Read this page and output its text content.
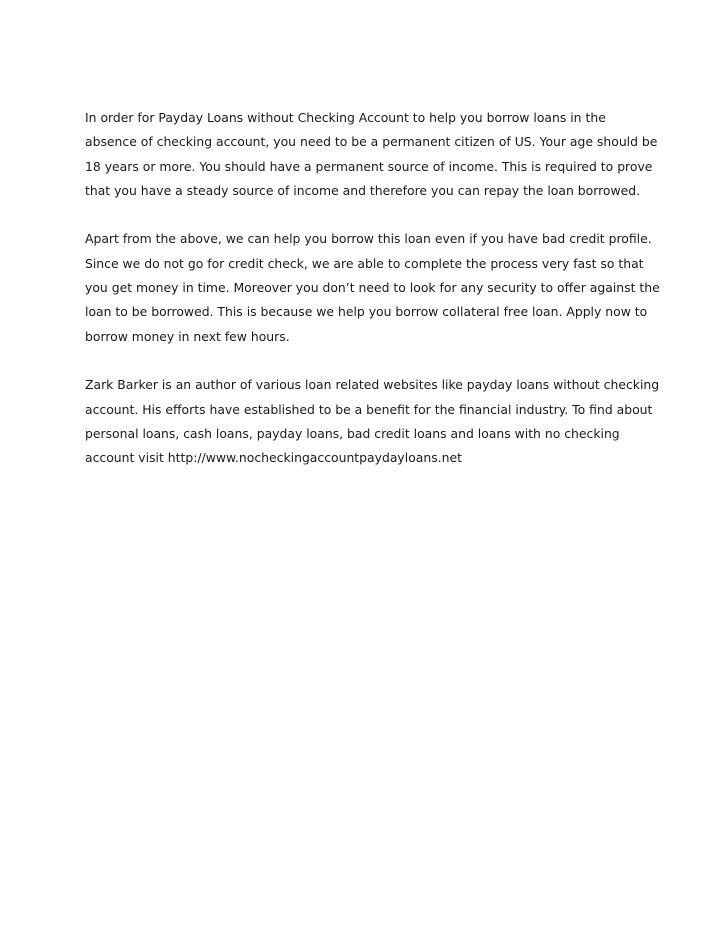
In order for Payday Loans without Checking Account to help you borrow loans in the
absence of checking account, you need to be a permanent citizen of US. Your age should be
18 years or more. You should have a permanent source of income. This is required to prove
that you have a steady source of income and therefore you can repay the loan borrowed.

Apart from the above, we can help you borrow this loan even if you have bad credit profile.
Since we do not go for credit check, we are able to complete the process very fast so that
you get money in time. Moreover you don’t need to look for any security to offer against the
loan to be borrowed. This is because we help you borrow collateral free loan. Apply now to
borrow money in next few hours.

Zark Barker is an author of various loan related websites like payday loans without checking
account. His efforts have established to be a benefit for the financial industry. To find about
personal loans, cash loans, payday loans, bad credit loans and loans with no checking
account visit http://www.nocheckingaccountpaydayloans.net
